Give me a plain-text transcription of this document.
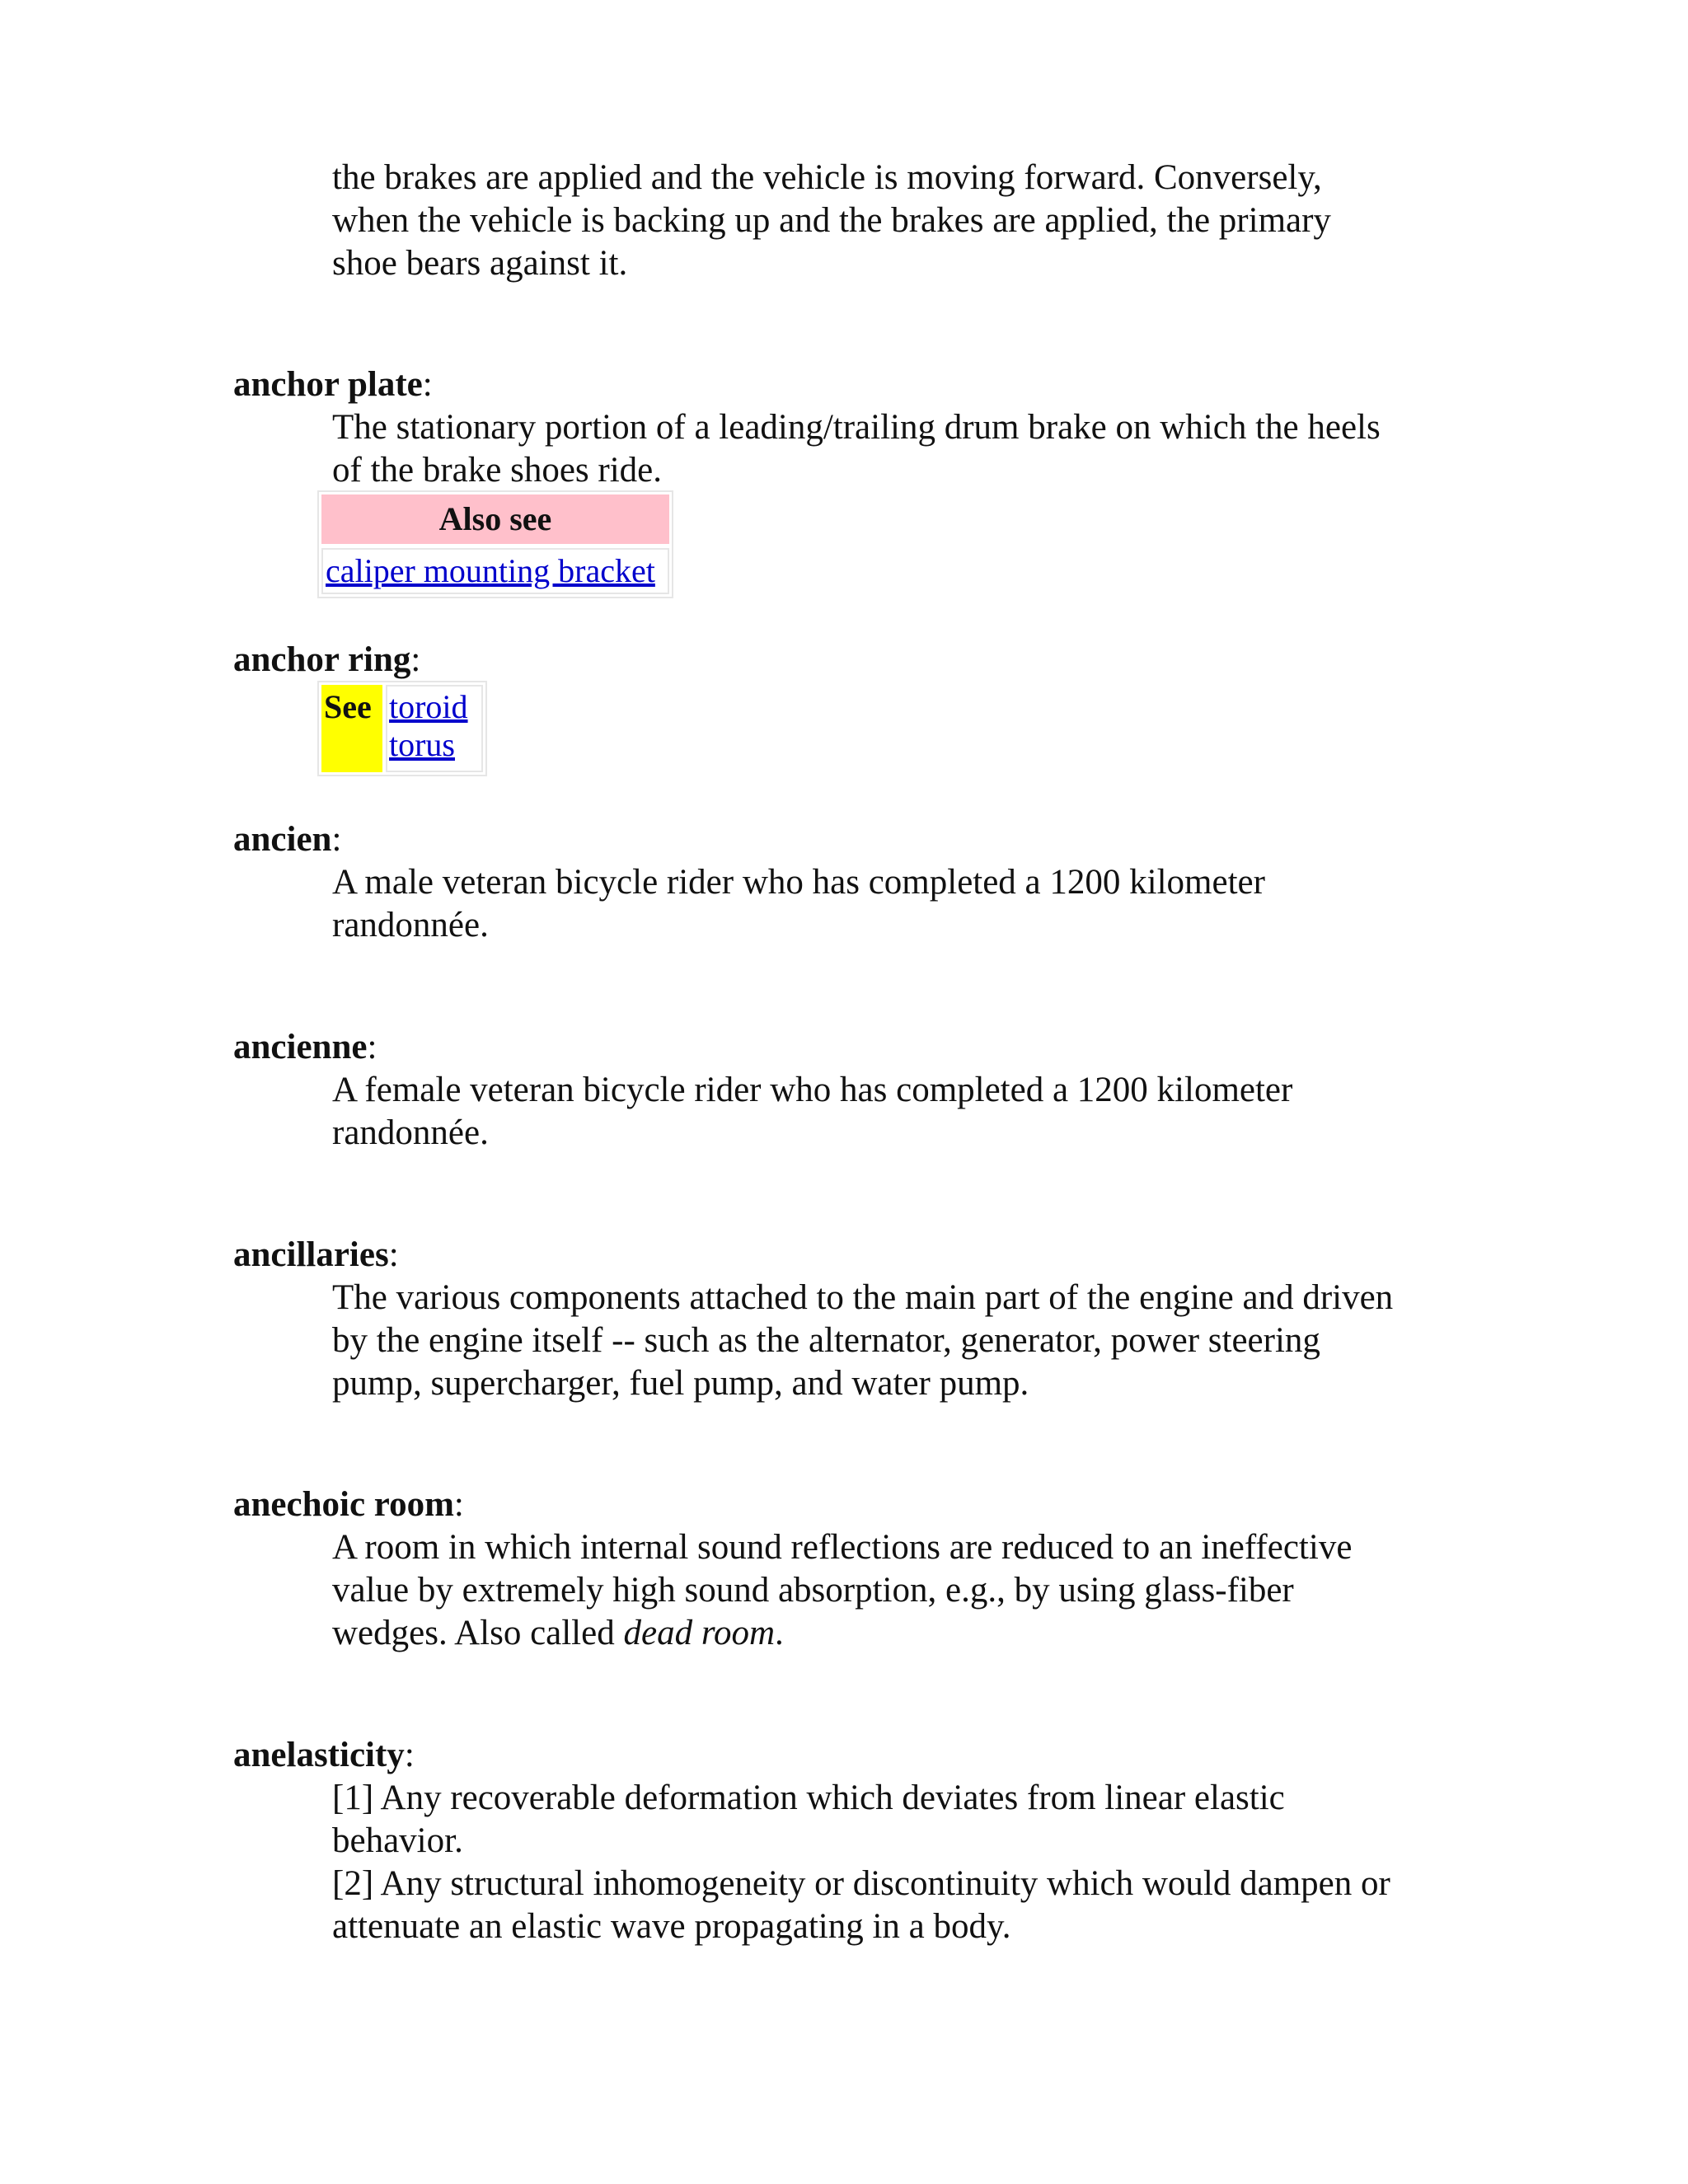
the brakes are applied and the vehicle is moving forward. Conversely,

when the vehicle is backing up and the brakes are applied, the primary

shoe bears against it.

anchor plate:

The stationary portion of a leading/trailing drum brake on which the heels

of the brake shoes ride.

Also see
caliper mounting bracket
anchor ring:
See toroid
torus
ancien:

A male veteran bicycle rider who has completed a 1200 kilometer

randonnée.

ancienne:

A female veteran bicycle rider who has completed a 1200 kilometer

randonnée.

ancillaries:

The various components attached to the main part of the engine and driven

by the engine itself -- such as the alternator, generator, power steering

pump, supercharger, fuel pump, and water pump.

anechoic room:

A room in which internal sound reflections are reduced to an ineffective

value by extremely high sound absorption, e.g., by using glass-fiber

wedges. Also called dead room.

anelasticity:

[1] Any recoverable deformation which deviates from linear elastic

behavior.

[2] Any structural inhomogeneity or discontinuity which would dampen or

attenuate an elastic wave propagating in a body.
